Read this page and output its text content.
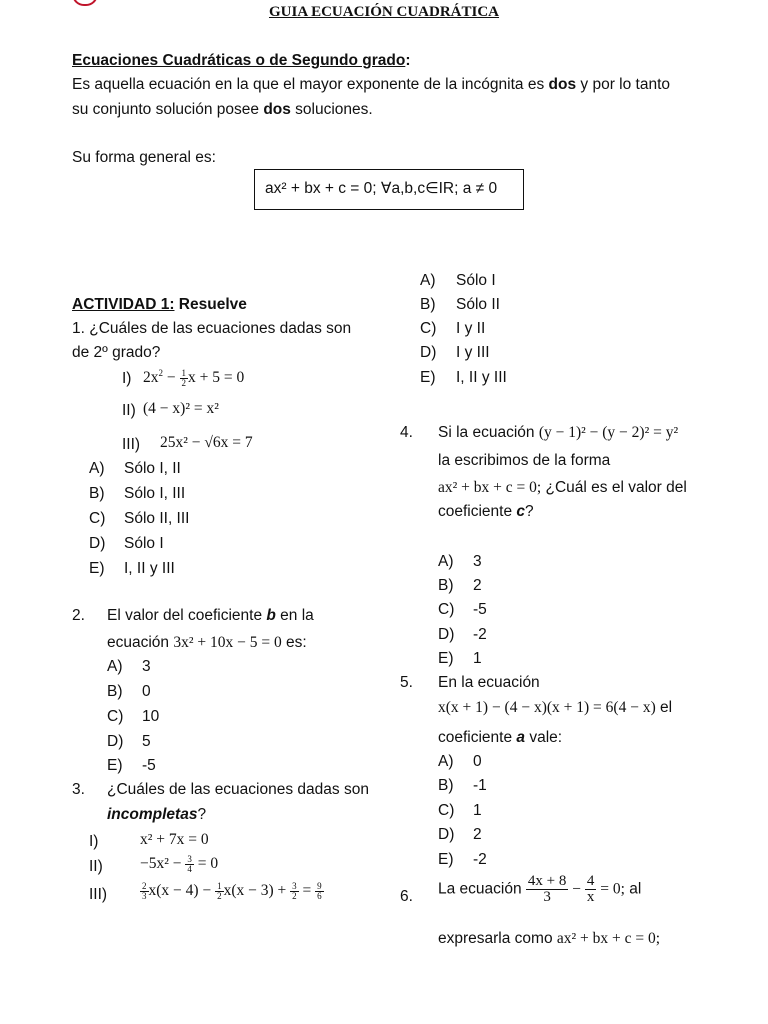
GUIA ECUACIÓN CUADRÁTICA
Ecuaciones Cuadráticas o de Segundo grado:
Es aquella ecuación en la que el mayor exponente de la incógnita es dos y por lo tanto
su conjunto solución posee dos soluciones.
Su forma general es:
ax² + bx + c = 0; ∀a,b,c∈IR; a ≠ 0
A) Sólo I
B) Sólo II
C) I y II
D) I y III
E) I, II y III
ACTIVIDAD 1: Resuelve
1. ¿Cuáles de las ecuaciones dadas son
de 2º grado?
I) $2x^2 - \frac{1}{2}$ x + 5 = 0
II) (4 − x)² = x²
III) 25x² − √6x = 7
A) Sólo I, II
B) Sólo I, III
C) Sólo II, III
D) Sólo I
E) I, II y III
2. El valor del coeficiente b en la
ecuación 3x² + 10x − 5 = 0 es:
A) 3
B) 0
C) 10
D) 5
E) -5
3. ¿Cuáles de las ecuaciones dadas son
incompletas?
I)	x² + 7x = 0
$II) -5x^2 - \frac{3}{4} = 0$
III)	$\frac{2}{3} x(x - 4) - \frac{1}{2} x(x - 3) + \frac{3}{2} = \frac{9}{6}$
4. Si la ecuación (y − 1)² − (y − 2)² = y²
la escribimos de la forma
ax² + bx + c = 0; ¿Cuál es el valor del
coeficiente c?
A) 3
B) 2
C) -5
D) -2
E) 1
5. En la ecuación
x(x + 1) − (4 − x)(x + 1) = 6(4 − x) el
coeficiente a vale:
A) 0
B) -1
C) 1
D) 2
E) -2
6. La ecuación $\frac{4x + 8}{3} - \frac{4}{x} = 0$; al
expresarla como ax² + bx + c = 0;
